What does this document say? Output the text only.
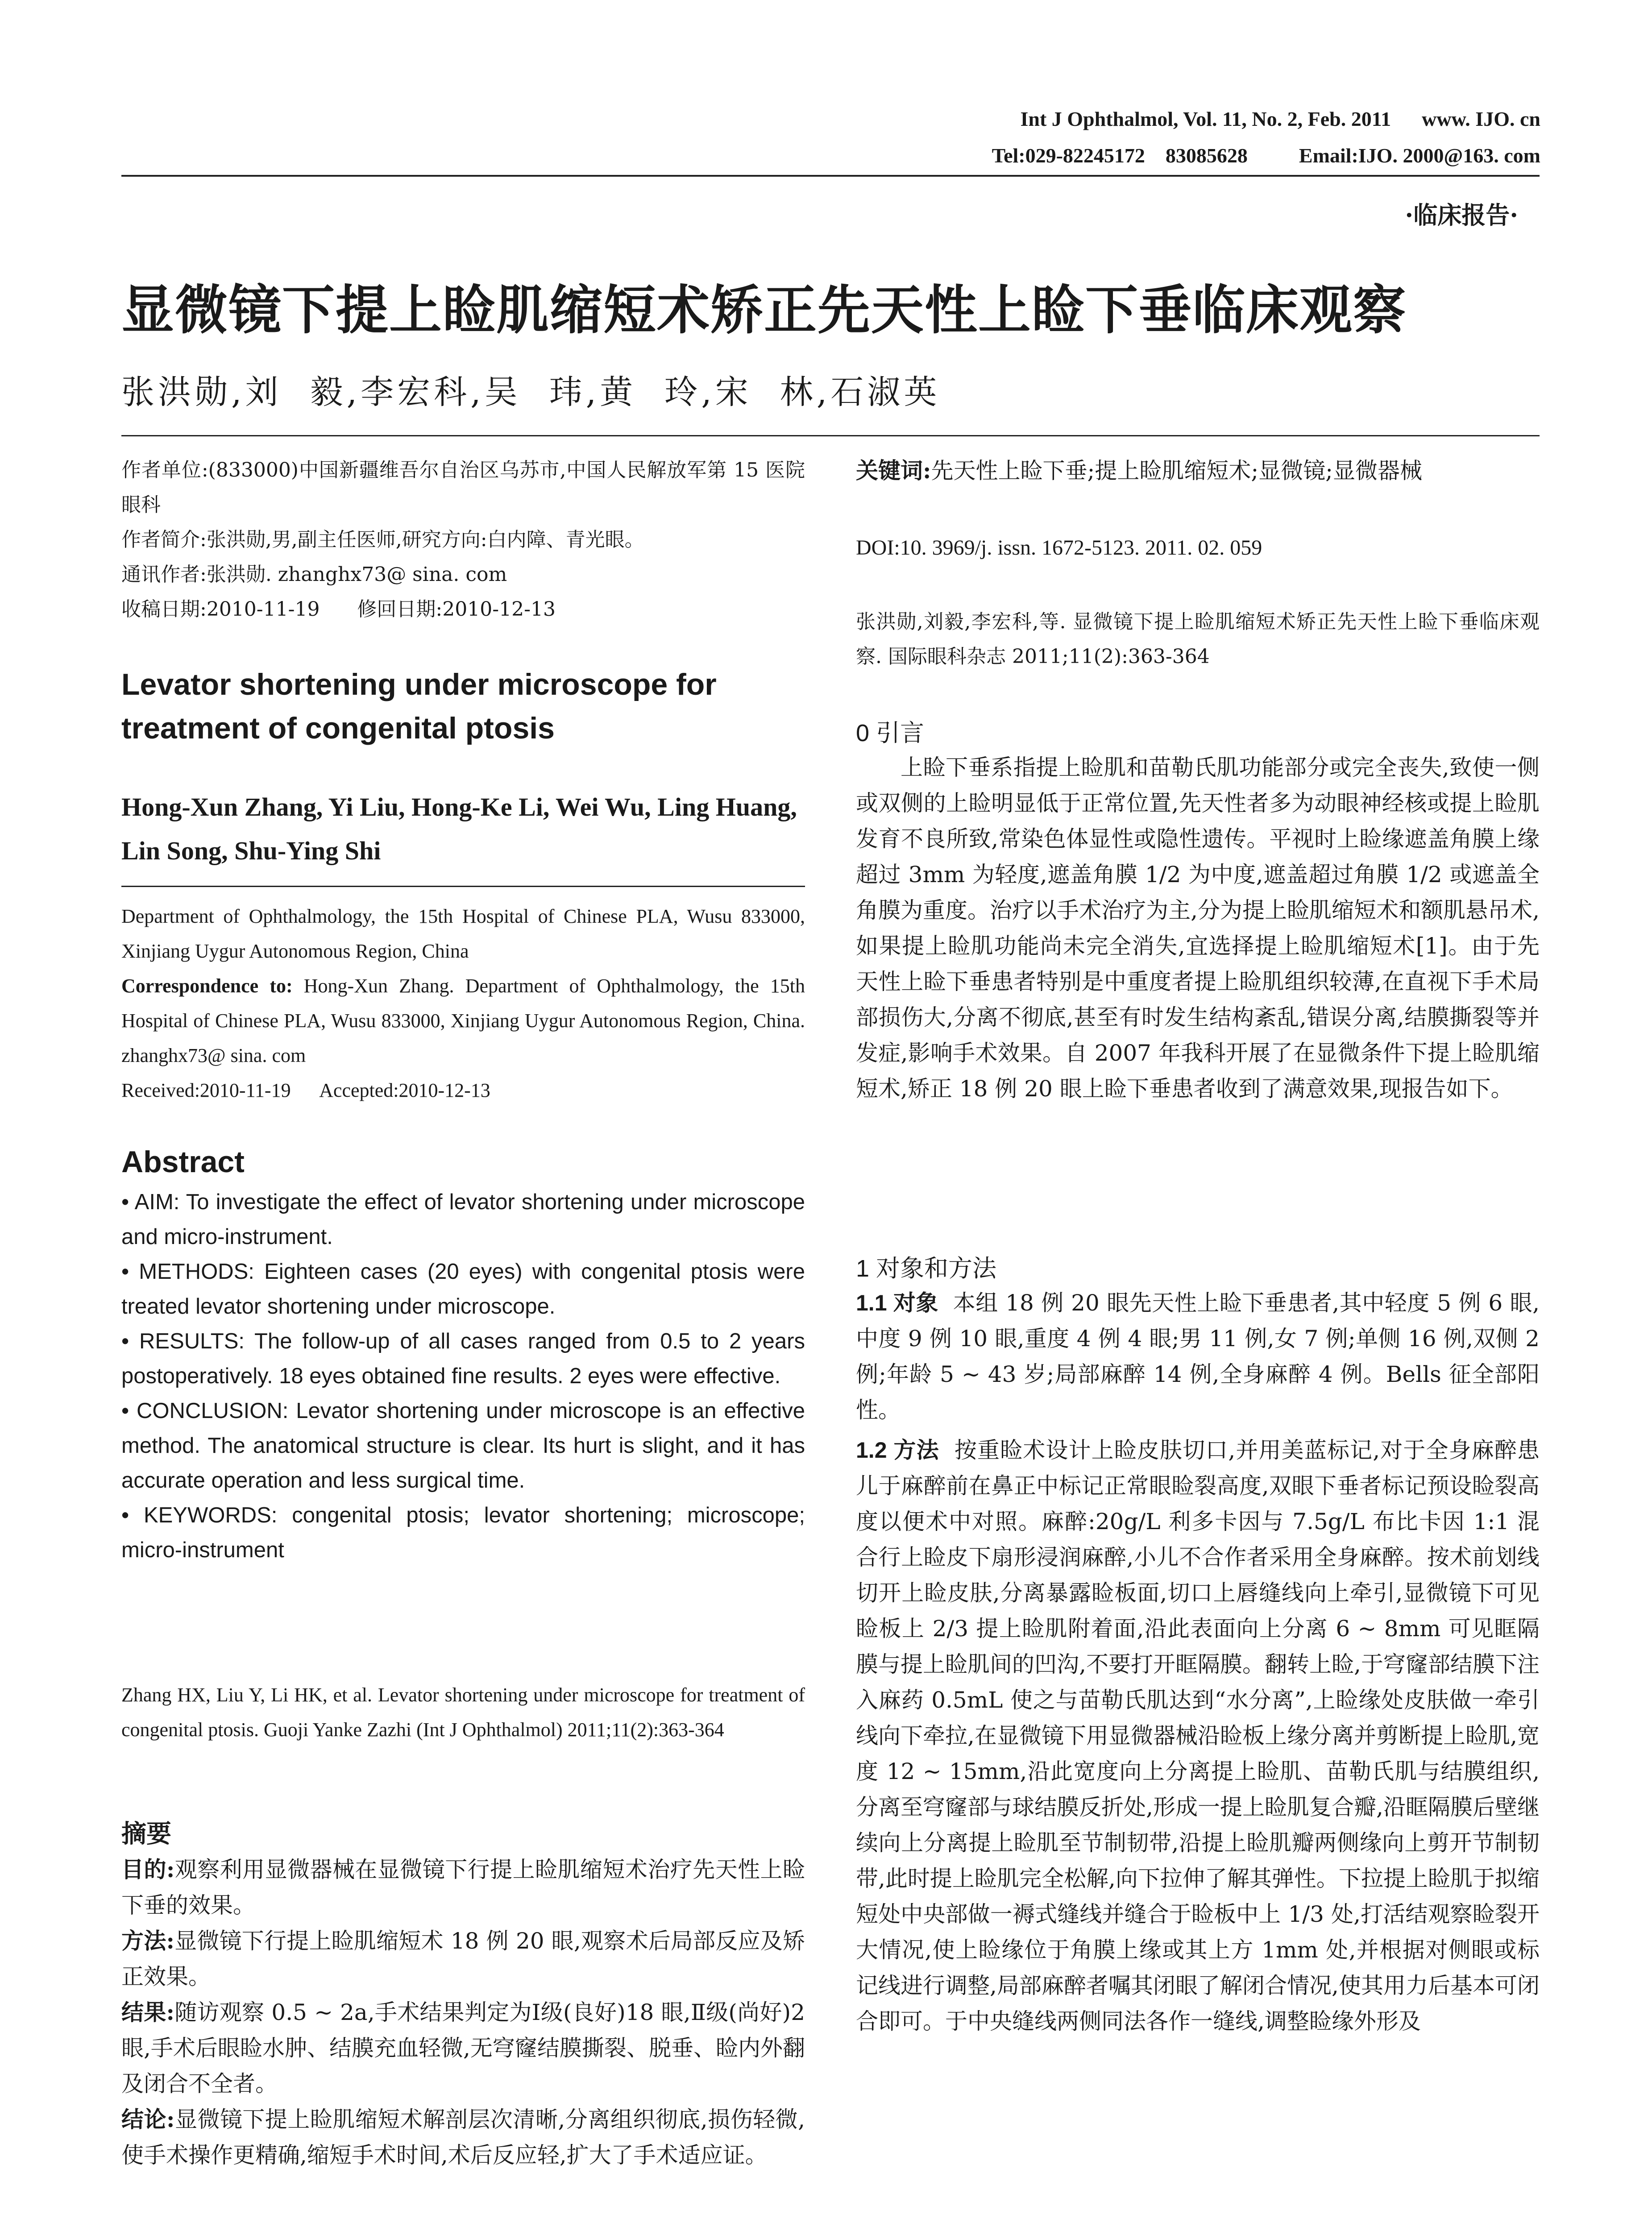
Int J Ophthalmol, Vol. 11, No. 2, Feb. 2011      www. IJO. cn
Tel:029-82245172    83085628          Email:IJO. 2000@163. com
·临床报告·
显微镜下提上睑肌缩短术矫正先天性上睑下垂临床观察
张洪勋,刘  毅,李宏科,吴  玮,黄  玲,宋  林,石淑英

作者单位:(833000)中国新疆维吾尔自治区乌苏市,中国人民解放军第 15 医院眼科

作者简介:张洪勋,男,副主任医师,研究方向:白内障、青光眼。

通讯作者:张洪勋. zhanghx73@ sina. com

收稿日期:2010-11-19      修回日期:2010-12-13

Levator shortening under microscope for treatment of congenital ptosis
Hong-Xun Zhang, Yi Liu, Hong-Ke Li, Wei Wu, Ling Huang, Lin Song, Shu-Ying Shi
Department of Ophthalmology, the 15th Hospital of Chinese PLA, Wusu 833000, Xinjiang Uygur Autonomous Region, China
Correspondence to: Hong-Xun Zhang. Department of Ophthalmology, the 15th Hospital of Chinese PLA, Wusu 833000, Xinjiang Uygur Autonomous Region, China. zhanghx73@ sina. com
Received:2010-11-19      Accepted:2010-12-13
Abstract
• AIM: To investigate the effect of levator shortening under microscope and micro-instrument.
• METHODS: Eighteen cases (20 eyes) with congenital ptosis were treated levator shortening under microscope.
• RESULTS: The follow-up of all cases ranged from 0.5 to 2 years postoperatively. 18 eyes obtained fine results. 2 eyes were effective.
• CONCLUSION: Levator shortening under microscope is an effective method. The anatomical structure is clear. Its hurt is slight, and it has accurate operation and less surgical time.
• KEYWORDS: congenital ptosis; levator shortening; microscope; micro-instrument
Zhang HX, Liu Y, Li HK, et al. Levator shortening under microscope for treatment of congenital ptosis. Guoji Yanke Zazhi (Int J Ophthalmol) 2011;11(2):363-364
摘要

目的:观察利用显微器械在显微镜下行提上睑肌缩短术治疗先天性上睑下垂的效果。

方法:显微镜下行提上睑肌缩短术 18 例 20 眼,观察术后局部反应及矫正效果。

结果:随访观察 0.5 ~ 2a,手术结果判定为Ⅰ级(良好)18 眼,Ⅱ级(尚好)2 眼,手术后眼睑水肿、结膜充血轻微,无穹窿结膜撕裂、脱垂、睑内外翻及闭合不全者。

结论:显微镜下提上睑肌缩短术解剖层次清晰,分离组织彻底,损伤轻微,使手术操作更精确,缩短手术时间,术后反应轻,扩大了手术适应证。

关键词:先天性上睑下垂;提上睑肌缩短术;显微镜;显微器械
DOI:10. 3969/j. issn. 1672-5123. 2011. 02. 059
张洪勋,刘毅,李宏科,等. 显微镜下提上睑肌缩短术矫正先天性上睑下垂临床观察. 国际眼科杂志 2011;11(2):363-364
0 引言
上睑下垂系指提上睑肌和苗勒氏肌功能部分或完全丧失,致使一侧或双侧的上睑明显低于正常位置,先天性者多为动眼神经核或提上睑肌发育不良所致,常染色体显性或隐性遗传。平视时上睑缘遮盖角膜上缘超过 3mm 为轻度,遮盖角膜 1/2 为中度,遮盖超过角膜 1/2 或遮盖全角膜为重度。治疗以手术治疗为主,分为提上睑肌缩短术和额肌悬吊术,如果提上睑肌功能尚未完全消失,宜选择提上睑肌缩短术[1]。由于先天性上睑下垂患者特别是中重度者提上睑肌组织较薄,在直视下手术局部损伤大,分离不彻底,甚至有时发生结构紊乱,错误分离,结膜撕裂等并发症,影响手术效果。自 2007 年我科开展了在显微条件下提上睑肌缩短术,矫正 18 例 20 眼上睑下垂患者收到了满意效果,现报告如下。
1 对象和方法
1.1 对象 本组 18 例 20 眼先天性上睑下垂患者,其中轻度 5 例 6 眼,中度 9 例 10 眼,重度 4 例 4 眼;男 11 例,女 7 例;单侧 16 例,双侧 2 例;年龄 5 ~ 43 岁;局部麻醉 14 例,全身麻醉 4 例。Bells 征全部阳性。
1.2 方法 按重睑术设计上睑皮肤切口,并用美蓝标记,对于全身麻醉患儿于麻醉前在鼻正中标记正常眼睑裂高度,双眼下垂者标记预设睑裂高度以便术中对照。麻醉:20g/L 利多卡因与 7.5g/L 布比卡因 1:1 混合行上睑皮下扇形浸润麻醉,小儿不合作者采用全身麻醉。按术前划线切开上睑皮肤,分离暴露睑板面,切口上唇缝线向上牵引,显微镜下可见睑板上 2/3 提上睑肌附着面,沿此表面向上分离 6 ~ 8mm 可见眶隔膜与提上睑肌间的凹沟,不要打开眶隔膜。翻转上睑,于穹窿部结膜下注入麻药 0.5mL 使之与苗勒氏肌达到“水分离”,上睑缘处皮肤做一牵引线向下牵拉,在显微镜下用显微器械沿睑板上缘分离并剪断提上睑肌,宽度 12 ~ 15mm,沿此宽度向上分离提上睑肌、苗勒氏肌与结膜组织,分离至穹窿部与球结膜反折处,形成一提上睑肌复合瓣,沿眶隔膜后壁继续向上分离提上睑肌至节制韧带,沿提上睑肌瓣两侧缘向上剪开节制韧带,此时提上睑肌完全松解,向下拉伸了解其弹性。下拉提上睑肌于拟缩短处中央部做一褥式缝线并缝合于睑板中上 1/3 处,打活结观察睑裂开大情况,使上睑缘位于角膜上缘或其上方 1mm 处,并根据对侧眼或标记线进行调整,局部麻醉者嘱其闭眼了解闭合情况,使其用力后基本可闭合即可。于中央缝线两侧同法各作一缝线,调整睑缘外形及
